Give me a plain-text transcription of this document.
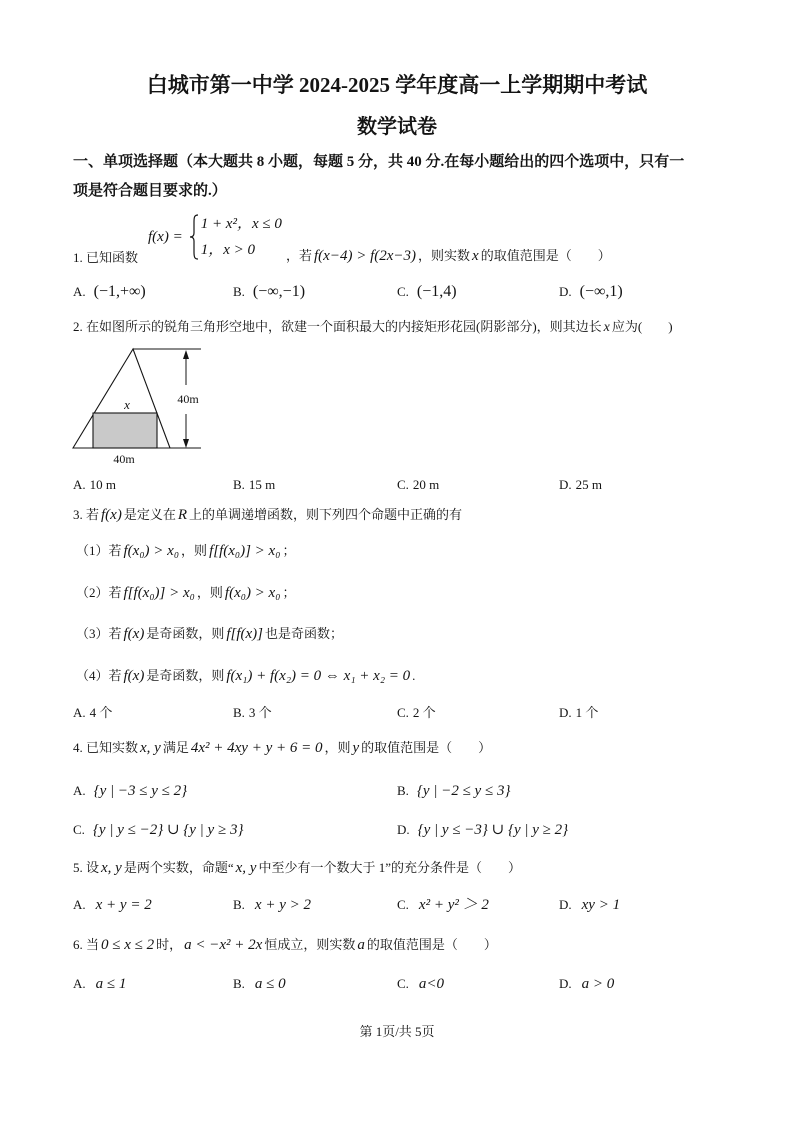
白城市第一中学 2024-2025 学年度高一上学期期中考试
数学试卷
一、单项选择题（本大题共 8 小题，每题 5 分，共 40 分.在每小题给出的四个选项中，只有一
项是符合题目要求的.）
1. 已知函数
f(x) =
1 + x²，x ≤ 0
1，x > 0	，若 f(x−4) > f(2x−3) ，则实数 x 的取值范围是（　　）
A. (−1,+∞)	B. (−∞,−1)	C. (−1,4)	D. (−∞,1)
2. 在如图所示的锐角三角形空地中，欲建一个面积最大的内接矩形花园(阴影部分)，则其边长 x 应为(　　)
x	40m
40m
A. 10 m	B. 15 m	C. 20 m	D. 25 m
3. 若 f(x) 是定义在 R 上的单调递增函数，则下列四个命题中正确的有
（1）若 f(x₀) > x₀ ，则 f[f(x₀)] > x₀ ；
（2）若 f[f(x₀)] > x₀ ，则 f(x₀) > x₀ ；
（3）若 f(x) 是奇函数，则 f[f(x)] 也是奇函数；
（4）若 f(x) 是奇函数，则 f(x₁) + f(x₂) = 0 ⇔ x₁ + x₂ = 0 .
A. 4 个	B. 3 个	C. 2 个	D. 1 个
4. 已知实数 x, y 满足 4x² + 4xy + y + 6 = 0 ，则 y 的取值范围是（　　）
A. {y | −3 ≤ y ≤ 2}	B. {y | −2 ≤ y ≤ 3}
C. {y | y ≤ −2} ∪ {y | y ≥ 3}	D. {y | y ≤ −3} ∪ {y | y ≥ 2}
5. 设 x, y 是两个实数，命题“ x, y 中至少有一个数大于 1”的充分条件是（　　）
A. x + y = 2	B. x + y > 2	C. x² + y² ＞ 2	D. xy > 1
6. 当 0 ≤ x ≤ 2 时， a < −x² + 2x 恒成立，则实数 a 的取值范围是（　　）
A. a ≤ 1	B. a ≤ 0	C. a<0	D. a > 0
第 1页/共 5页
